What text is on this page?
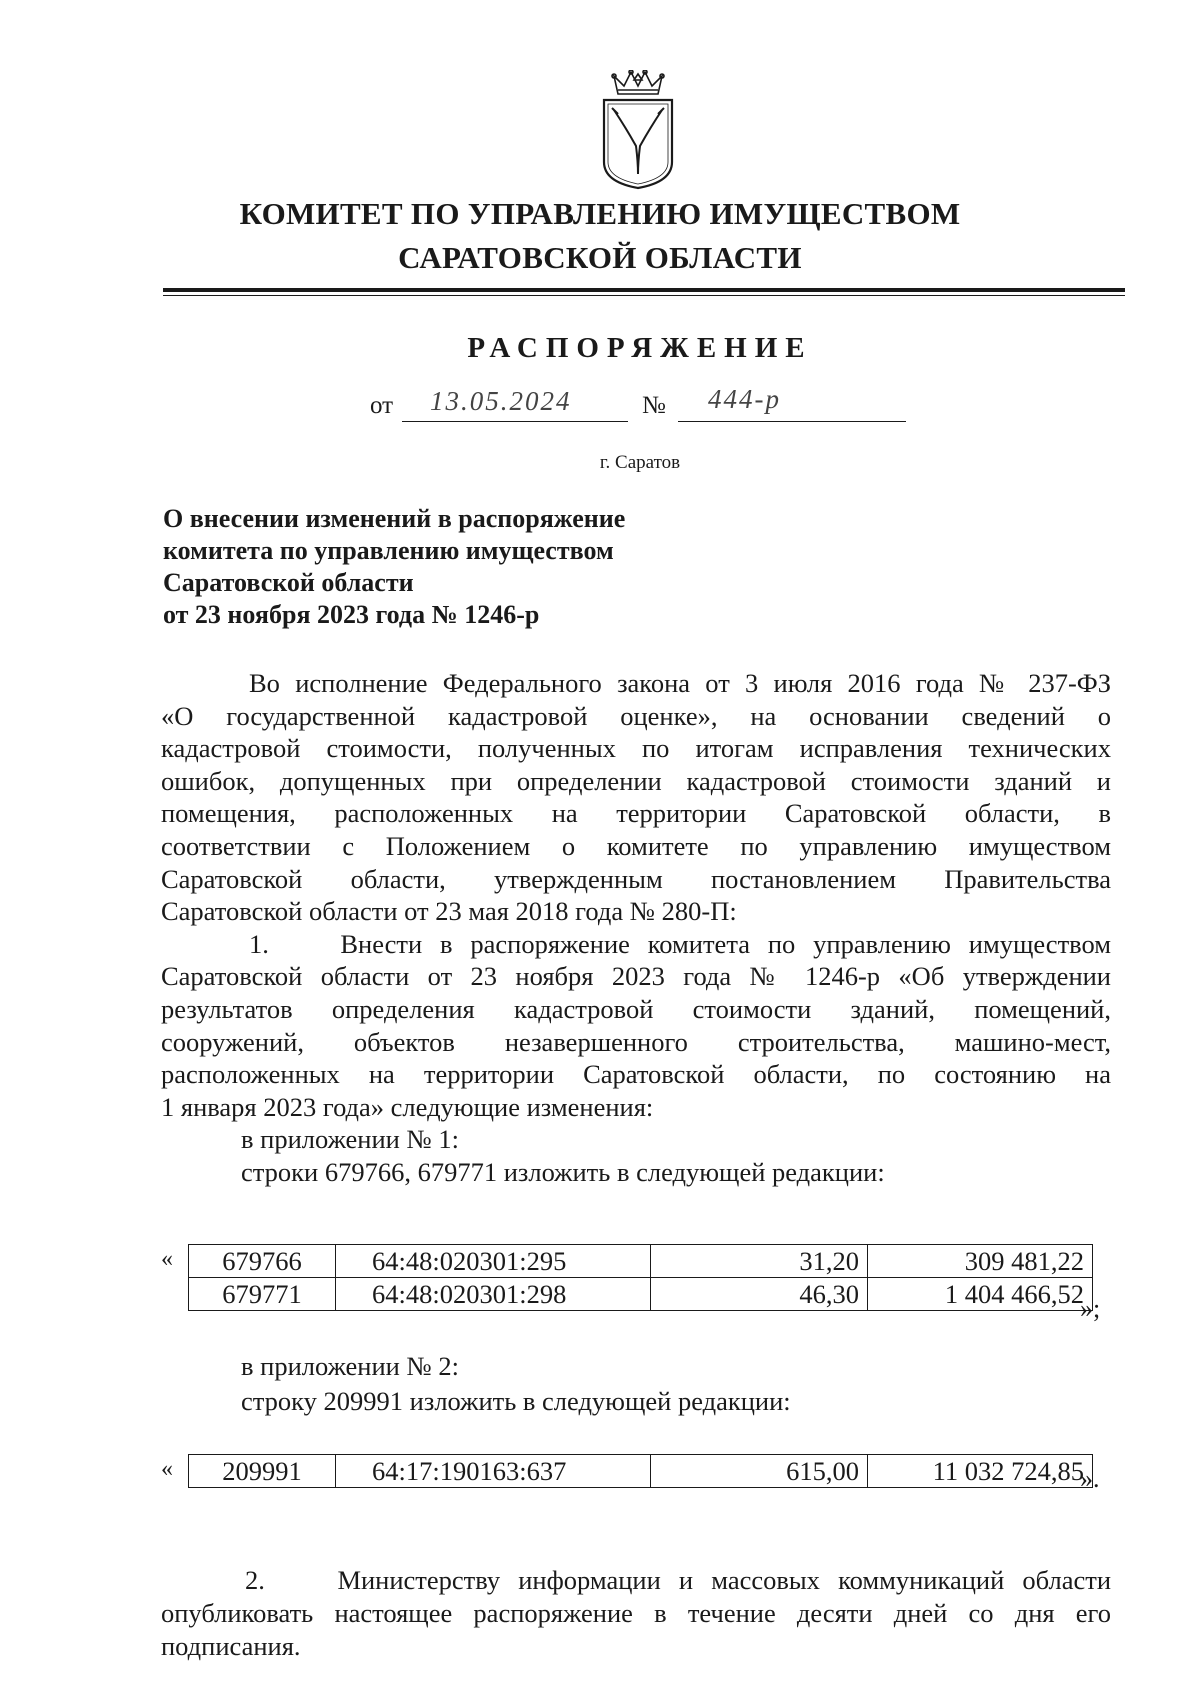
КОМИТЕТ ПО УПРАВЛЕНИЮ ИМУЩЕСТВОМ
САРАТОВСКОЙ ОБЛАСТИ
РАСПОРЯЖЕНИЕ
от 13.05.2024	№ 444-р
г. Саратов
О внесении изменений в распоряжение
комитета по управлению имуществом
Саратовской области
от 23 ноября 2023 года № 1246-р
Во исполнение Федерального закона от 3 июля 2016 года № 237-ФЗ
«О государственной кадастровой оценке», на основании сведений о
кадастровой стоимости, полученных по итогам исправления технических
ошибок, допущенных при определении кадастровой стоимости зданий и
помещения, расположенных на территории Саратовской области, в
соответствии с Положением о комитете по управлению имуществом
Саратовской области, утвержденным постановлением Правительства
Саратовской области от 23 мая 2018 года № 280-П:
1.    Внести в распоряжение комитета по управлению имуществом
Саратовской области от 23 ноября 2023 года № 1246-р «Об утверждении
результатов определения кадастровой стоимости зданий, помещений,
сооружений, объектов незавершенного строительства, машино-мест,
расположенных на территории Саратовской области, по состоянию на
1 января 2023 года» следующие изменения:
в приложении № 1:
строки 679766, 679771 изложить в следующей редакции:
« 679766	64:48:020301:295	31,20	309 481,22
679771	64:48:020301:298	46,30	1 404 466,52
»;
в приложении № 2:
строку 209991 изложить в следующей редакции:
« 209991	64:17:190163:637	615,00	11 032 724,85
».
2.    Министерству информации и массовых коммуникаций области
опубликовать настоящее распоряжение в течение десяти дней со дня его
подписания.
